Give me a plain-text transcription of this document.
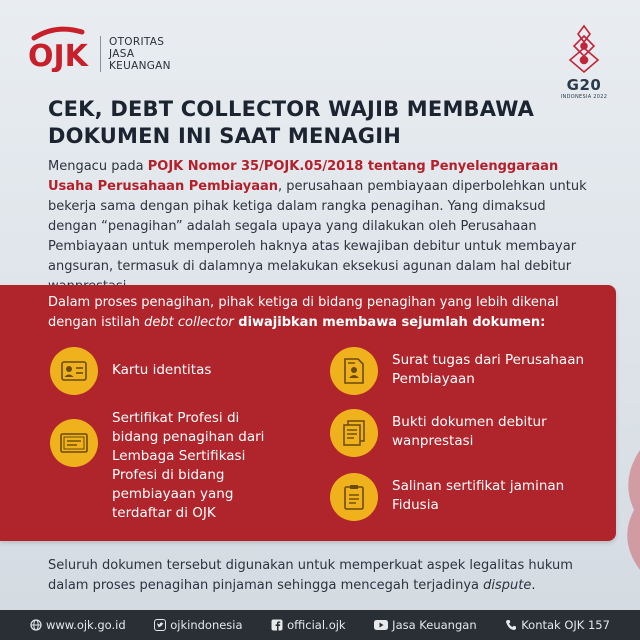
OJK OTORITAS
JASA
KEUANGAN
G20
INDONESIA 2022
CEK, DEBT COLLECTOR WAJIB MEMBAWA
DOKUMEN INI SAAT MENAGIH
Mengacu pada POJK Nomor 35/POJK.05/2018 tentang Penyelenggaraan Usaha Perusahaan Pembiayaan, perusahaan pembiayaan diperbolehkan untuk bekerja sama dengan pihak ketiga dalam rangka penagihan. Yang dimaksud dengan “penagihan” adalah segala upaya yang dilakukan oleh Perusahaan Pembiayaan untuk memperoleh haknya atas kewajiban debitur untuk membayar angsuran, termasuk di dalamnya melakukan eksekusi agunan dalam hal debitur
Dalam proses penagihan, pihak ketiga di bidang penagihan yang lebih dikenal dengan istilah debt collector diwajibkan membawa sejumlah dokumen:
Kartu identitas
Sertifikat Profesi di bidang penagihan dari Lembaga Sertifikasi Profesi di bidang pembiayaan yang terdaftar di OJK
Surat tugas dari Perusahaan Pembiayaan
Bukti dokumen debitur wanprestasi
Salinan sertifikat jaminan Fidusia
Seluruh dokumen tersebut digunakan untuk memperkuat aspek legalitas hukum dalam proses penagihan pinjaman sehingga mencegah terjadinya dispute.
www.ojk.go.id	ojkindonesia	official.ojk	Jasa Keuangan	Kontak OJK 157
